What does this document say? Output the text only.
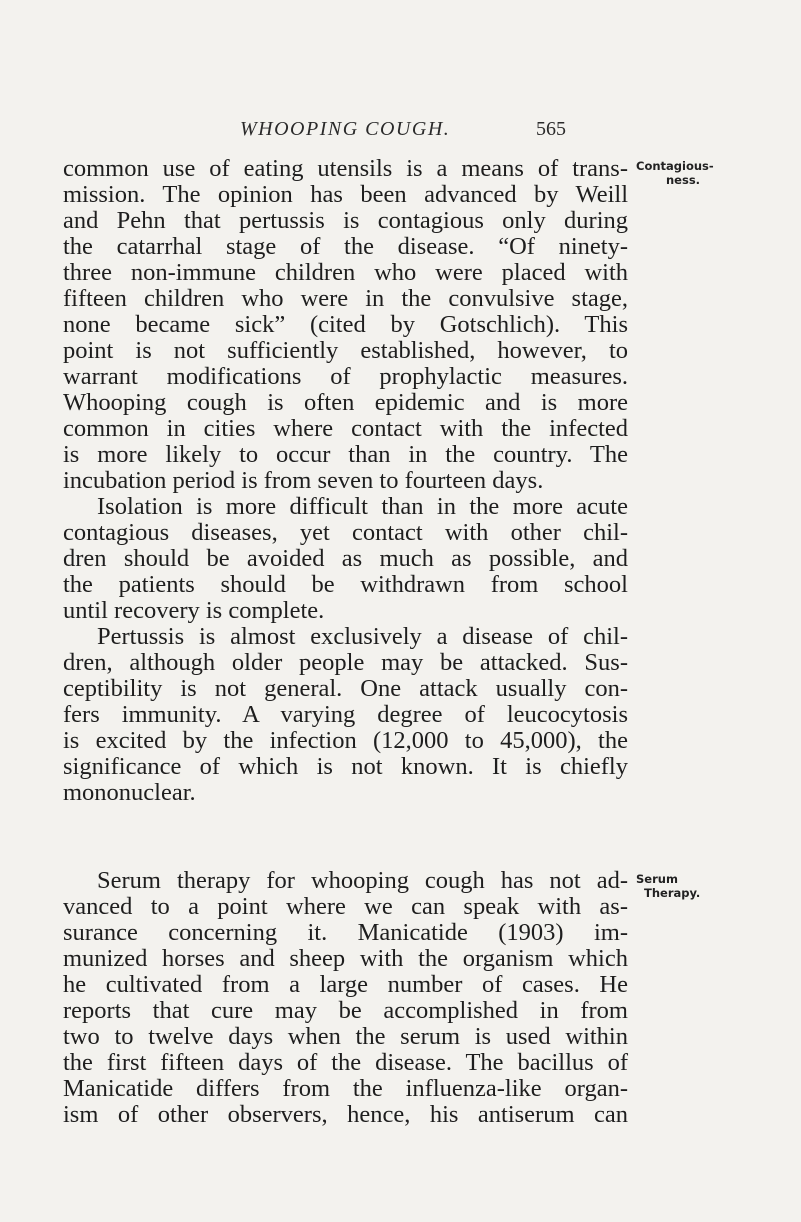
WHOOPING COUGH.	565
Contagious-
ness.
Serum
Therapy.
common use of eating utensils is a means of trans-
mission. The opinion has been advanced by Weill
and Pehn that pertussis is contagious only during
the catarrhal stage of the disease. “Of ninety-
three non-immune children who were placed with
fifteen children who were in the convulsive stage,
none became sick” (cited by Gotschlich). This
point is not sufficiently established, however, to
warrant modifications of prophylactic measures.
Whooping cough is often epidemic and is more
common in cities where contact with the infected
is more likely to occur than in the country. The
incubation period is from seven to fourteen days.
Isolation is more difficult than in the more acute
contagious diseases, yet contact with other chil-
dren should be avoided as much as possible, and
the patients should be withdrawn from school
until recovery is complete.
Pertussis is almost exclusively a disease of chil-
dren, although older people may be attacked. Sus-
ceptibility is not general. One attack usually con-
fers immunity. A varying degree of leucocytosis
is excited by the infection (12,000 to 45,000), the
significance of which is not known. It is chiefly
mononuclear.
Serum therapy for whooping cough has not ad-
vanced to a point where we can speak with as-
surance concerning it. Manicatide (1903) im-
munized horses and sheep with the organism which
he cultivated from a large number of cases. He
reports that cure may be accomplished in from
two to twelve days when the serum is used within
the first fifteen days of the disease. The bacillus of
Manicatide differs from the influenza-like organ-
ism of other observers, hence, his antiserum can
